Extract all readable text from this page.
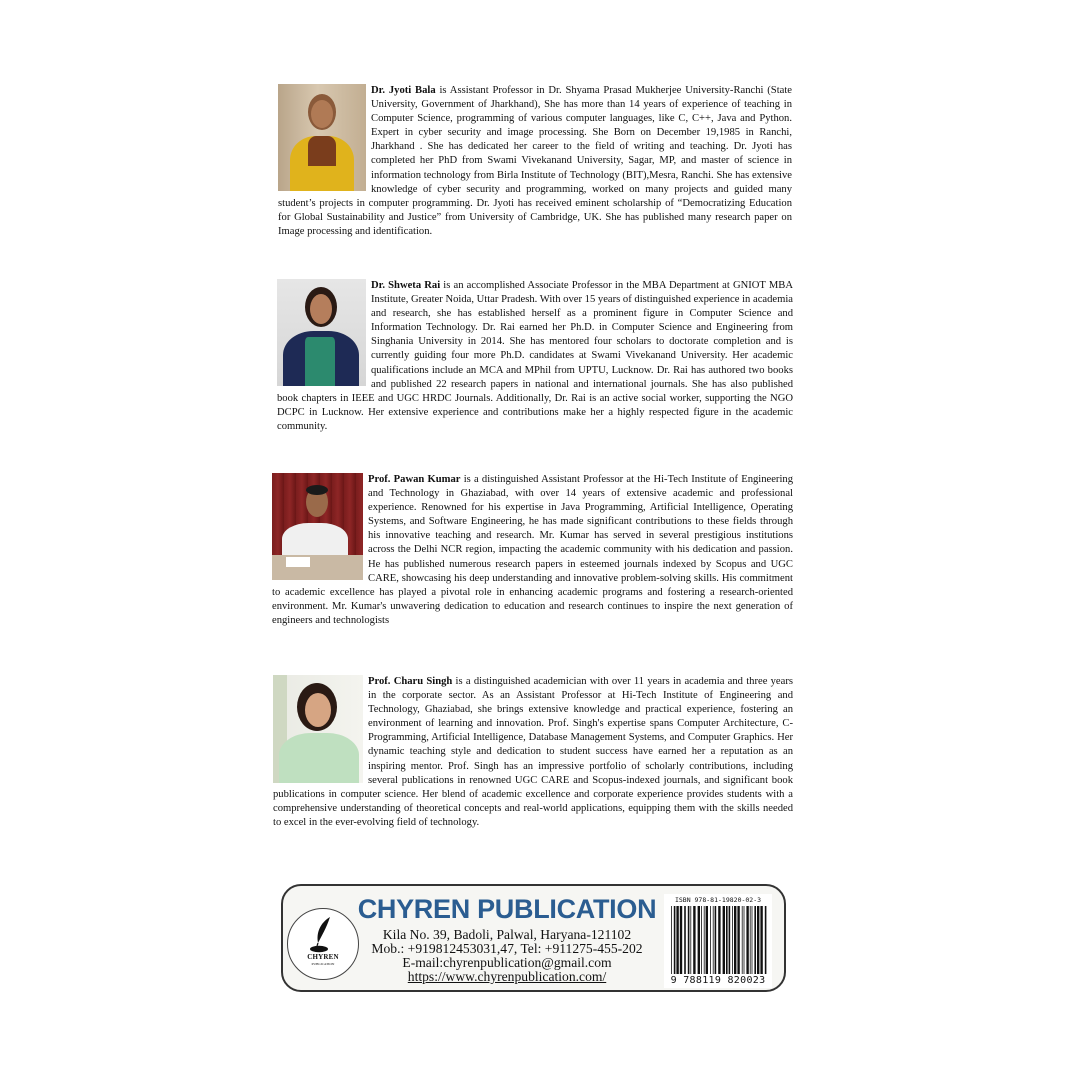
Dr. Jyoti Bala is Assistant Professor in Dr. Shyama Prasad Mukherjee University-Ranchi (State University, Government of Jharkhand), She has more than 14 years of experience of teaching in Computer Science, programming of various computer languages, like C, C++, Java and Python. Expert in cyber security and image processing. She Born on December 19,1985 in Ranchi, Jharkhand . She has dedicated her career to the field of writing and teaching. Dr. Jyoti has completed her PhD from Swami Vivekanand University, Sagar, MP, and master of science in information technology from Birla Institute of Technology (BIT),Mesra, Ranchi. She has extensive knowledge of cyber security and programming, worked on many projects and guided many student’s projects in computer programming. Dr. Jyoti has received eminent scholarship of “Democratizing Education for Global Sustainability and Justice” from University of Cambridge, UK. She has published many research paper on Image processing and identification.

Dr. Shweta Rai is an accomplished Associate Professor in the MBA Department at GNIOT MBA Institute, Greater Noida, Uttar Pradesh. With over 15 years of distinguished experience in academia and research, she has established herself as a prominent figure in Computer Science and Information Technology. Dr. Rai earned her Ph.D. in Computer Science and Engineering from Singhania University in 2014. She has mentored four scholars to doctorate completion and is currently guiding four more Ph.D. candidates at Swami Vivekanand University. Her academic qualifications include an MCA and MPhil from UPTU, Lucknow. Dr. Rai has authored two books and published 22 research papers in national and international journals. She has also published book chapters in IEEE and UGC HRDC Journals. Additionally, Dr. Rai is an active social worker, supporting the NGO DCPC in Lucknow. Her extensive experience and contributions make her a highly respected figure in the academic community.

Prof. Pawan Kumar is a distinguished Assistant Professor at the Hi-Tech Institute of Engineering and Technology in Ghaziabad, with over 14 years of extensive academic and professional experience. Renowned for his expertise in Java Programming, Artificial Intelligence, Operating Systems, and Software Engineering, he has made significant contributions to these fields through his innovative teaching and research. Mr. Kumar has served in several prestigious institutions across the Delhi NCR region, impacting the academic community with his dedication and passion. He has published numerous research papers in esteemed journals indexed by Scopus and UGC CARE, showcasing his deep understanding and innovative problem-solving skills. His commitment to academic excellence has played a pivotal role in enhancing academic programs and fostering a research-oriented environment. Mr. Kumar's unwavering dedication to education and research continues to inspire the next generation of engineers and technologists

Prof. Charu Singh is a distinguished academician with over 11 years in academia and three years in the corporate sector. As an Assistant Professor at Hi-Tech Institute of Engineering and Technology, Ghaziabad, she brings extensive knowledge and practical experience, fostering an environment of learning and innovation. Prof. Singh's expertise spans Computer Architecture, C-Programming, Artificial Intelligence, Database Management Systems, and Computer Graphics. Her dynamic teaching style and dedication to student success have earned her a reputation as an inspiring mentor. Prof. Singh has an impressive portfolio of scholarly contributions, including several publications in renowned UGC CARE and Scopus-indexed journals, and significant book publications in computer science. Her blend of academic excellence and corporate experience provides students with a comprehensive understanding of theoretical concepts and real-world applications, equipping them with the skills needed to excel in the ever-evolving field of technology.

CHYREN
PUBLICATION
CHYREN PUBLICATION
Kila No. 39, Badoli, Palwal, Haryana-121102
Mob.: +919812453031,47, Tel: +911275-455-202
E-mail:chyrenpublication@gmail.com
https://www.chyrenpublication.com/
ISBN 978-81-19820-02-3
9 788119 820023
